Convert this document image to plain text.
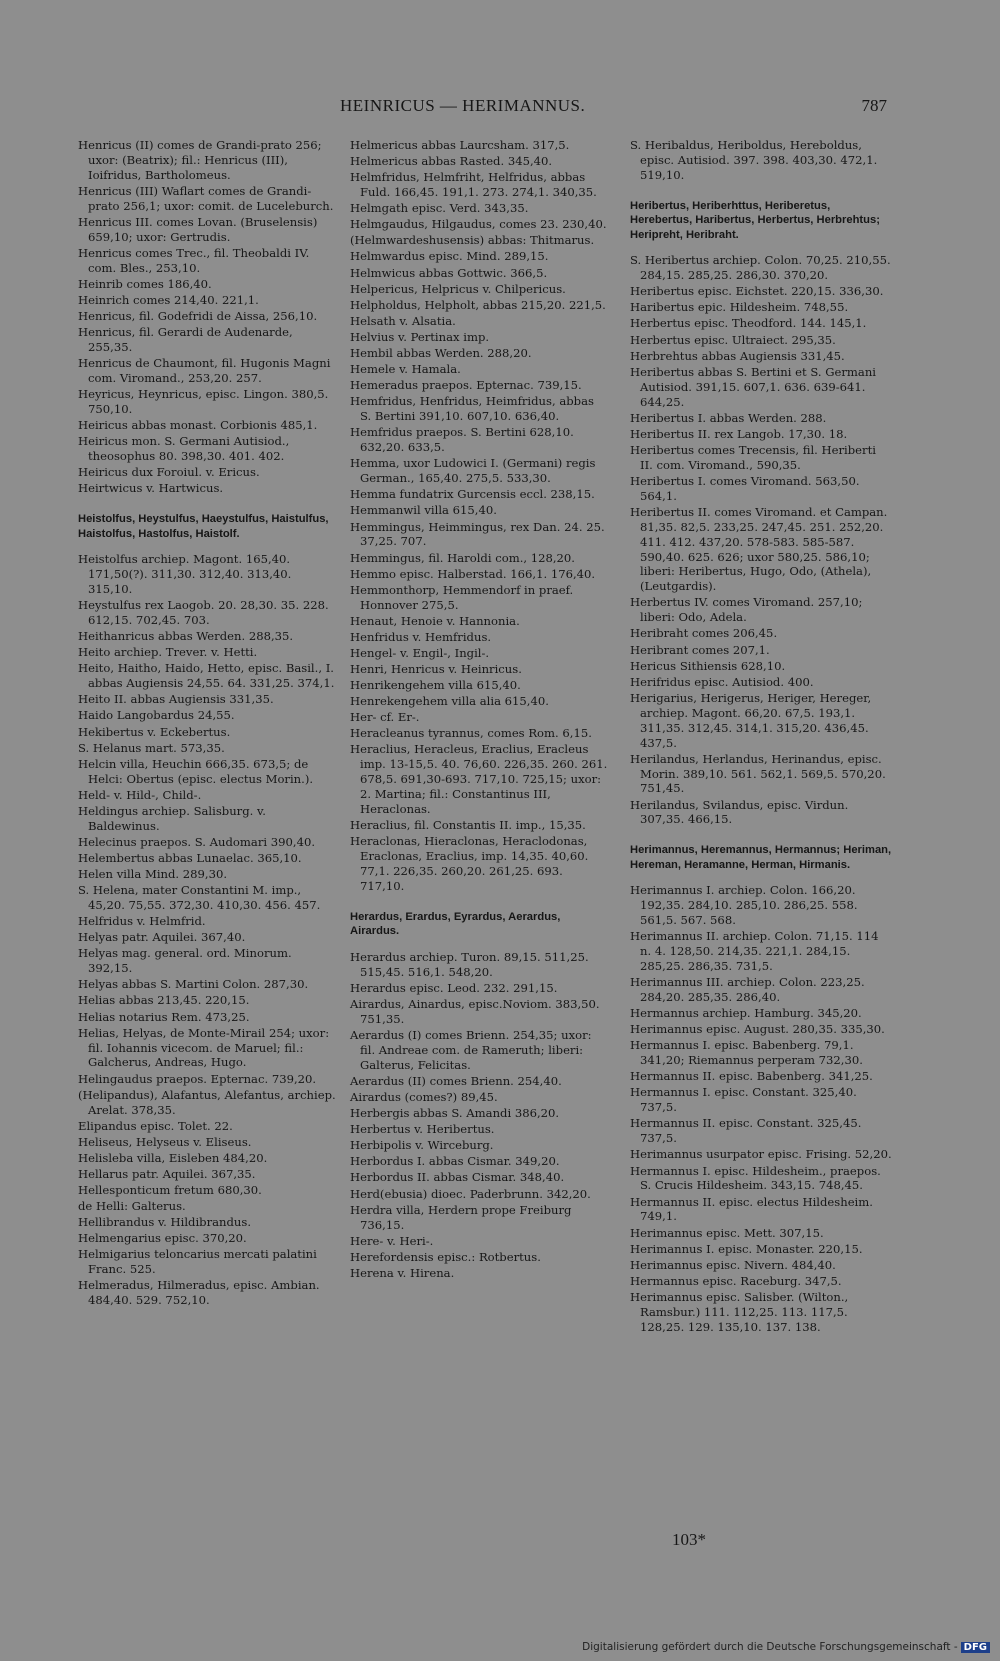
HEINRICUS — HERIMANNUS.	787
Henricus (II) comes de Grandi-prato 256; uxor: (Beatrix); fil.: Henricus (III), Ioifridus, Bartholomeus.
Henricus (III) Waflart comes de Grandi-prato 256,1; uxor: comit. de Luceleburch.
Henricus III. comes Lovan. (Bruselensis) 659,10; uxor: Gertrudis.
Henricus comes Trec., fil. Theobaldi IV. com. Bles., 253,10.
Heinrib comes 186,40.
Heinrich comes 214,40. 221,1.
Henricus, fil. Godefridi de Aissa, 256,10.
Henricus, fil. Gerardi de Audenarde, 255,35.
Henricus de Chaumont, fil. Hugonis Magni com. Viromand., 253,20. 257.
Heyricus, Heynricus, episc. Lingon. 380,5. 750,10.
Heiricus abbas monast. Corbionis 485,1.
Heiricus mon. S. Germani Autisiod., theosophus 80. 398,30. 401. 402.
Heiricus dux Foroiul. v. Ericus.
Heirtwicus v. Hartwicus.
Heistolfus, Heystulfus, Haeystulfus, Haistulfus, Haistolfus, Hastolfus, Haistolf.
Heistolfus archiep. Magont. 165,40. 171,50(?). 311,30. 312,40. 313,40. 315,10.
Heystulfus rex Laogob. 20. 28,30. 35. 228. 612,15. 702,45. 703.
Heithanricus abbas Werden. 288,35.
Heito archiep. Trever. v. Hetti.
Heito, Haitho, Haido, Hetto, episc. Basil., I. abbas Augiensis 24,55. 64. 331,25. 374,1.
Heito II. abbas Augiensis 331,35.
Haido Langobardus 24,55.
Hekibertus v. Eckebertus.
S. Helanus mart. 573,35.
Helcin villa, Heuchin 666,35. 673,5; de Helci: Obertus (episc. electus Morin.).
Held- v. Hild-, Child-.
Heldingus archiep. Salisburg. v. Baldewinus.
Helecinus praepos. S. Audomari 390,40.
Helembertus abbas Lunaelac. 365,10.
Helen villa Mind. 289,30.
S. Helena, mater Constantini M. imp., 45,20. 75,55. 372,30. 410,30. 456. 457.
Helfridus v. Helmfrid.
Helyas patr. Aquilei. 367,40.
Helyas mag. general. ord. Minorum. 392,15.
Helyas abbas S. Martini Colon. 287,30.
Helias abbas 213,45. 220,15.
Helias notarius Rem. 473,25.
Helias, Helyas, de Monte-Mirail 254; uxor: fil. Iohannis vicecom. de Maruel; fil.: Galcherus, Andreas, Hugo.
Helingaudus praepos. Epternac. 739,20.
(Helipandus), Alafantus, Alefantus, archiep. Arelat. 378,35.
Elipandus episc. Tolet. 22.
Heliseus, Helyseus v. Eliseus.
Helisleba villa, Eisleben 484,20.
Hellarus patr. Aquilei. 367,35.
Hellesponticum fretum 680,30.
de Helli: Galterus.
Hellibrandus v. Hildibrandus.
Helmengarius episc. 370,20.
Helmigarius teloncarius mercati palatini Franc. 525.
Helmeradus, Hilmeradus, episc. Ambian. 484,40. 529. 752,10.
Helmericus abbas Laurcsham. 317,5.
Helmericus abbas Rasted. 345,40.
Helmfridus, Helmfriht, Helfridus, abbas Fuld. 166,45. 191,1. 273. 274,1. 340,35.
Helmgath episc. Verd. 343,35.
Helmgaudus, Hilgaudus, comes 23. 230,40.
(Helmwardeshusensis) abbas: Thitmarus.
Helmwardus episc. Mind. 289,15.
Helmwicus abbas Gottwic. 366,5.
Helpericus, Helpricus v. Chilpericus.
Helpholdus, Helpholt, abbas 215,20. 221,5.
Helsath v. Alsatia.
Helvius v. Pertinax imp.
Hembil abbas Werden. 288,20.
Hemele v. Hamala.
Hemeradus praepos. Epternac. 739,15.
Hemfridus, Henfridus, Heimfridus, abbas S. Bertini 391,10. 607,10. 636,40.
Hemfridus praepos. S. Bertini 628,10. 632,20. 633,5.
Hemma, uxor Ludowici I. (Germani) regis German., 165,40. 275,5. 533,30.
Hemma fundatrix Gurcensis eccl. 238,15.
Hemmanwil villa 615,40.
Hemmingus, Heimmingus, rex Dan. 24. 25. 37,25. 707.
Hemmingus, fil. Haroldi com., 128,20.
Hemmo episc. Halberstad. 166,1. 176,40.
Hemmonthorp, Hemmendorf in praef. Honnover 275,5.
Henaut, Henoie v. Hannonia.
Henfridus v. Hemfridus.
Hengel- v. Engil-, Ingil-.
Henri, Henricus v. Heinricus.
Henrikengehem villa 615,40.
Henrekengehem villa alia 615,40.
Her- cf. Er-.
Heracleanus tyrannus, comes Rom. 6,15.
Heraclius, Heracleus, Eraclius, Eracleus imp. 13-15,5. 40. 76,60. 226,35. 260. 261. 678,5. 691,30-693. 717,10. 725,15; uxor: 2. Martina; fil.: Constantinus III, Heraclonas.
Heraclius, fil. Constantis II. imp., 15,35.
Heraclonas, Hieraclonas, Heraclodonas, Eraclonas, Eraclius, imp. 14,35. 40,60. 77,1. 226,35. 260,20. 261,25. 693. 717,10.
Herardus, Erardus, Eyrardus, Aerardus, Airardus.
Herardus archiep. Turon. 89,15. 511,25. 515,45. 516,1. 548,20.
Herardus episc. Leod. 232. 291,15.
Airardus, Ainardus, episc.Noviom. 383,50. 751,35.
Aerardus (I) comes Brienn. 254,35; uxor: fil. Andreae com. de Rameruth; liberi: Galterus, Felicitas.
Aerardus (II) comes Brienn. 254,40.
Airardus (comes?) 89,45.
Herbergis abbas S. Amandi 386,20.
Herbertus v. Heribertus.
Herbipolis v. Wirceburg.
Herbordus I. abbas Cismar. 349,20.
Herbordus II. abbas Cismar. 348,40.
Herd(ebusia) dioec. Paderbrunn. 342,20.
Herdra villa, Herdern prope Freiburg 736,15.
Here- v. Heri-.
Herefordensis episc.: Rotbertus.
Herena v. Hirena.
S. Heribaldus, Heriboldus, Hereboldus, episc. Autisiod. 397. 398. 403,30. 472,1. 519,10.
Heribertus, Heriberhttus, Heriberetus, Herebertus, Haribertus, Herbertus, Herbrehtus; Heripreht, Heribraht.
S. Heribertus archiep. Colon. 70,25. 210,55. 284,15. 285,25. 286,30. 370,20.
Heribertus episc. Eichstet. 220,15. 336,30.
Haribertus epic. Hildesheim. 748,55.
Herbertus episc. Theodford. 144. 145,1.
Herbertus episc. Ultraiect. 295,35.
Herbrehtus abbas Augiensis 331,45.
Heribertus abbas S. Bertini et S. Germani Autisiod. 391,15. 607,1. 636. 639-641. 644,25.
Heribertus I. abbas Werden. 288.
Heribertus II. rex Langob. 17,30. 18.
Heribertus comes Trecensis, fil. Heriberti II. com. Viromand., 590,35.
Heribertus I. comes Viromand. 563,50. 564,1.
Heribertus II. comes Viromand. et Campan. 81,35. 82,5. 233,25. 247,45. 251. 252,20. 411. 412. 437,20. 578-583. 585-587. 590,40. 625. 626; uxor 580,25. 586,10; liberi: Heribertus, Hugo, Odo, (Athela), (Leutgardis).
Herbertus IV. comes Viromand. 257,10; liberi: Odo, Adela.
Heribraht comes 206,45.
Heribrant comes 207,1.
Hericus Sithiensis 628,10.
Herifridus episc. Autisiod. 400.
Herigarius, Herigerus, Heriger, Hereger, archiep. Magont. 66,20. 67,5. 193,1. 311,35. 312,45. 314,1. 315,20. 436,45. 437,5.
Herilandus, Herlandus, Herinandus, episc. Morin. 389,10. 561. 562,1. 569,5. 570,20. 751,45.
Herilandus, Svilandus, episc. Virdun. 307,35. 466,15.
Herimannus, Heremannus, Hermannus; Heriman, Hereman, Heramanne, Herman, Hirmanis.
Herimannus I. archiep. Colon. 166,20. 192,35. 284,10. 285,10. 286,25. 558. 561,5. 567. 568.
Herimannus II. archiep. Colon. 71,15. 114 n. 4. 128,50. 214,35. 221,1. 284,15. 285,25. 286,35. 731,5.
Herimannus III. archiep. Colon. 223,25. 284,20. 285,35. 286,40.
Hermannus archiep. Hamburg. 345,20.
Herimannus episc. August. 280,35. 335,30.
Hermannus I. episc. Babenberg. 79,1. 341,20; Riemannus perperam 732,30.
Hermannus II. episc. Babenberg. 341,25.
Hermannus I. episc. Constant. 325,40. 737,5.
Hermannus II. episc. Constant. 325,45. 737,5.
Herimannus usurpator episc. Frising. 52,20.
Hermannus I. episc. Hildesheim., praepos. S. Crucis Hildesheim. 343,15. 748,45.
Hermannus II. episc. electus Hildesheim. 749,1.
Herimannus episc. Mett. 307,15.
Herimannus I. episc. Monaster. 220,15.
Herimannus episc. Nivern. 484,40.
Hermannus episc. Raceburg. 347,5.
Herimannus episc. Salisber. (Wilton., Ramsbur.) 111. 112,25. 113. 117,5. 128,25. 129. 135,10. 137. 138.
103*
Digitalisierung gefördert durch die Deutsche Forschungsgemeinschaft - DFG
